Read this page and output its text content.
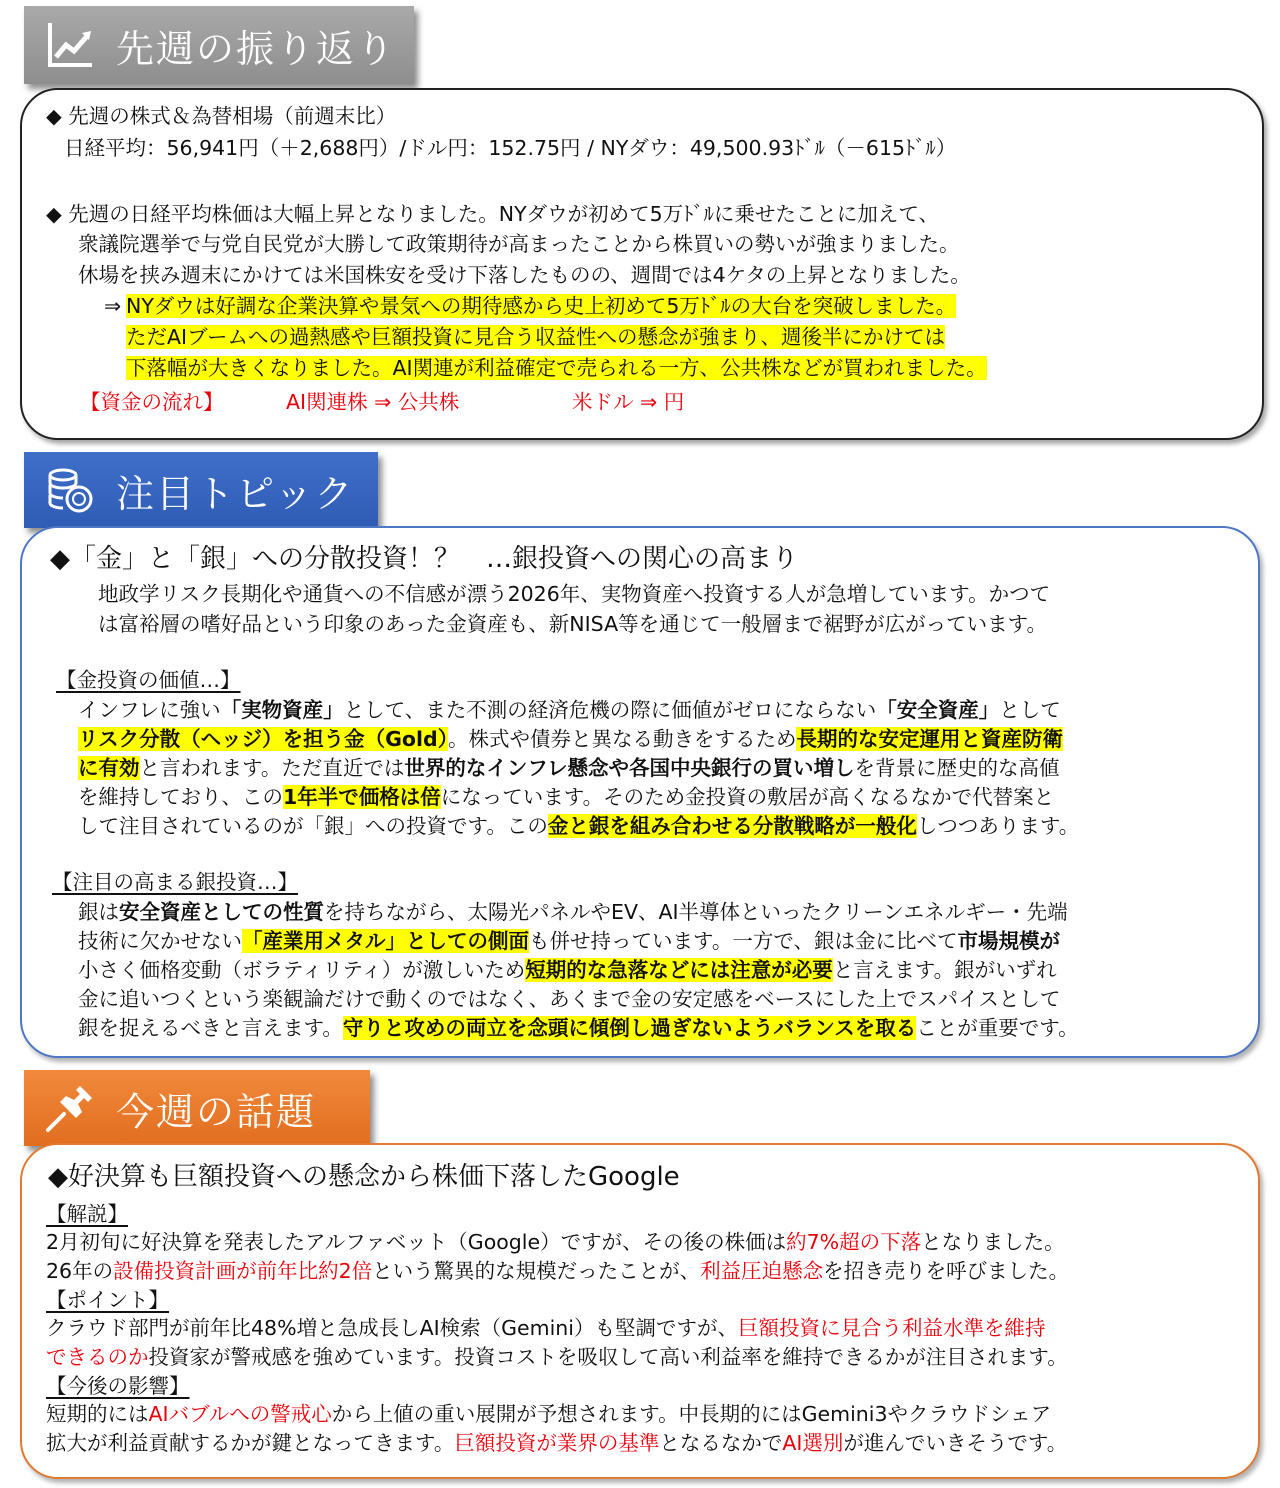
先週の振り返り
◆ 先週の株式＆為替相場（前週末比）
日経平均：56,941円（＋2,688円）/ドル円：152.75円 / NYダウ：49,500.93ﾄﾞﾙ（－615ﾄﾞﾙ）
◆ 先週の日経平均株価は大幅上昇となりました。NYダウが初めて5万ﾄﾞﾙに乗せたことに加えて、
衆議院選挙で与党自民党が大勝して政策期待が高まったことから株買いの勢いが強まりました。
休場を挟み週末にかけては米国株安を受け下落したものの、週間では4ケタの上昇となりました。
⇒ NYダウは好調な企業決算や景気への期待感から史上初めて5万ﾄﾞﾙの大台を突破しました。
ただAIブームへの過熱感や巨額投資に見合う収益性への懸念が強まり、週後半にかけては
下落幅が大きくなりました。AI関連が利益確定で売られる一方、公共株などが買われました。
【資金の流れ】	AI関連株 ⇒ 公共株	米ドル ⇒ 円
注目トピック
◆「金」と「銀」への分散投資！？　…銀投資への関心の高まり
地政学リスク長期化や通貨への不信感が漂う2026年、実物資産へ投資する人が急増しています。かつて
は富裕層の嗜好品という印象のあった金資産も、新NISA等を通じて一般層まで裾野が広がっています。
【金投資の価値…】
インフレに強い「実物資産」として、また不測の経済危機の際に価値がゼロにならない「安全資産」として
リスク分散（ヘッジ）を担う金（Gold）。株式や債券と異なる動きをするため長期的な安定運用と資産防衛
に有効と言われます。ただ直近では世界的なインフレ懸念や各国中央銀行の買い増しを背景に歴史的な高値
を維持しており、この1年半で価格は倍になっています。そのため金投資の敷居が高くなるなかで代替案と
して注目されているのが「銀」への投資です。この金と銀を組み合わせる分散戦略が一般化しつつあります。
【注目の高まる銀投資…】
銀は安全資産としての性質を持ちながら、太陽光パネルやEV、AI半導体といったクリーンエネルギー・先端
技術に欠かせない「産業用メタル」としての側面も併せ持っています。一方で、銀は金に比べて市場規模が
小さく価格変動（ボラティリティ）が激しいため短期的な急落などには注意が必要と言えます。銀がいずれ
金に追いつくという楽観論だけで動くのではなく、あくまで金の安定感をベースにした上でスパイスとして
銀を捉えるべきと言えます。守りと攻めの両立を念頭に傾倒し過ぎないようバランスを取ることが重要です。
今週の話題
◆好決算も巨額投資への懸念から株価下落したGoogle
【解説】
2月初旬に好決算を発表したアルファベット（Google）ですが、その後の株価は約7%超の下落となりました。
26年の設備投資計画が前年比約2倍という驚異的な規模だったことが、利益圧迫懸念を招き売りを呼びました。
【ポイント】
クラウド部門が前年比48%増と急成長しAI検索（Gemini）も堅調ですが、巨額投資に見合う利益水準を維持
できるのか投資家が警戒感を強めています。投資コストを吸収して高い利益率を維持できるかが注目されます。
【今後の影響】
短期的にはAIバブルへの警戒心から上値の重い展開が予想されます。中長期的にはGemini3やクラウドシェア
拡大が利益貢献するかが鍵となってきます。巨額投資が業界の基準となるなかでAI選別が進んでいきそうです。
